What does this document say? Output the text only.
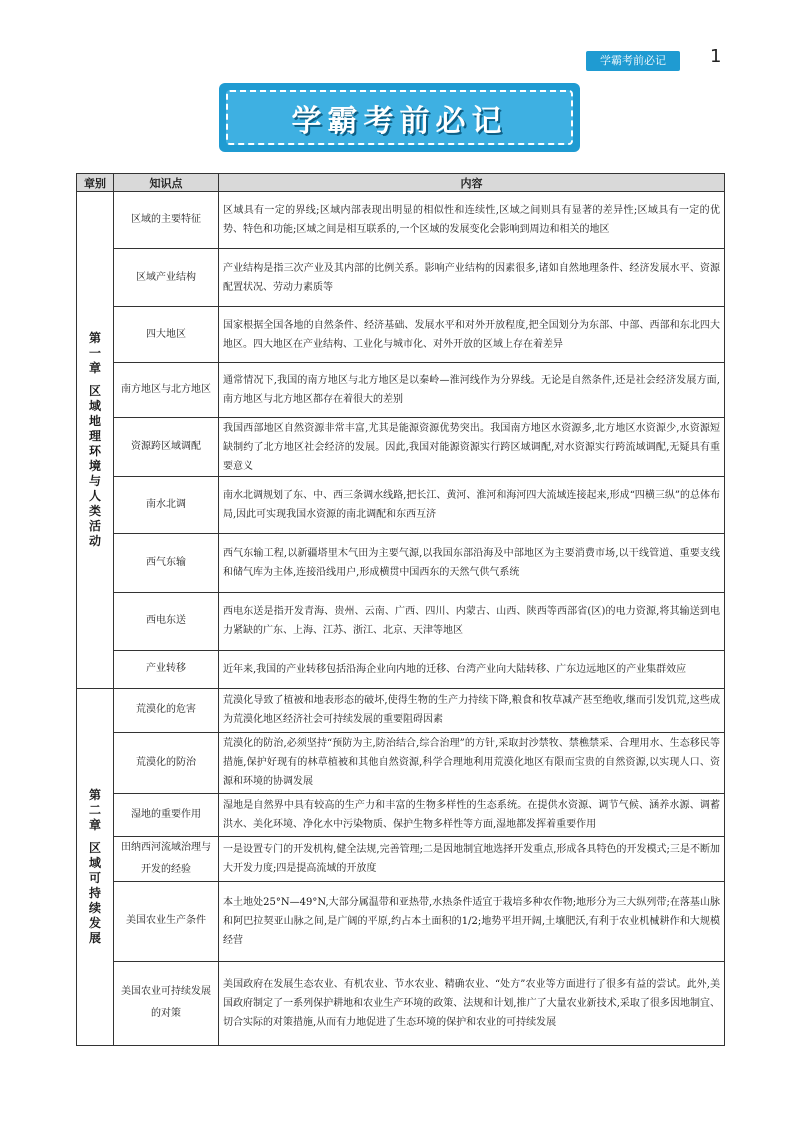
学霸考前必记	1
学霸考前必记
章别	知识点	内容
第一章
区域地理环境与人类活动	区域的主要特征	区域具有一定的界线;区域内部表现出明显的相似性和连续性,区域之间则具有显著的差异性;区域具有一定的优势、特色和功能;区域之间是相互联系的,一个区域的发展变化会影响到周边和相关的地区
	区域产业结构	产业结构是指三次产业及其内部的比例关系。影响产业结构的因素很多,诸如自然地理条件、经济发展水平、资源配置状况、劳动力素质等
	四大地区	国家根据全国各地的自然条件、经济基础、发展水平和对外开放程度,把全国划分为东部、中部、西部和东北四大地区。四大地区在产业结构、工业化与城市化、对外开放的区域上存在着差异
	南方地区与北方地区	通常情况下,我国的南方地区与北方地区是以秦岭—淮河线作为分界线。无论是自然条件,还是社会经济发展方面,南方地区与北方地区都存在着很大的差别
	资源跨区域调配	我国西部地区自然资源非常丰富,尤其是能源资源优势突出。我国南方地区水资源多,北方地区水资源少,水资源短缺制约了北方地区社会经济的发展。因此,我国对能源资源实行跨区域调配,对水资源实行跨流域调配,无疑具有重要意义
	南水北调	南水北调规划了东、中、西三条调水线路,把长江、黄河、淮河和海河四大流域连接起来,形成“四横三纵”的总体布局,因此可实现我国水资源的南北调配和东西互济
	西气东输	西气东输工程,以新疆塔里木气田为主要气源,以我国东部沿海及中部地区为主要消费市场,以干线管道、重要支线和储气库为主体,连接沿线用户,形成横贯中国西东的天然气供气系统
	西电东送	西电东送是指开发青海、贵州、云南、广西、四川、内蒙古、山西、陕西等西部省(区)的电力资源,将其输送到电力紧缺的广东、上海、江苏、浙江、北京、天津等地区
	产业转移	近年来,我国的产业转移包括沿海企业向内地的迁移、台湾产业向大陆转移、广东边远地区的产业集群效应
第二章
区域可持续发展	荒漠化的危害	荒漠化导致了植被和地表形态的破坏,使得生物的生产力持续下降,粮食和牧草减产甚至绝收,继而引发饥荒,这些成为荒漠化地区经济社会可持续发展的重要阻碍因素
	荒漠化的防治	荒漠化的防治,必须坚持“预防为主,防治结合,综合治理”的方针,采取封沙禁牧、禁樵禁采、合理用水、生态移民等措施,保护好现有的林草植被和其他自然资源,科学合理地利用荒漠化地区有限而宝贵的自然资源,以实现人口、资源和环境的协调发展
	湿地的重要作用	湿地是自然界中具有较高的生产力和丰富的生物多样性的生态系统。在提供水资源、调节气候、涵养水源、调蓄洪水、美化环境、净化水中污染物质、保护生物多样性等方面,湿地都发挥着重要作用
	田纳西河流域治理与开发的经验	一是设置专门的开发机构,健全法规,完善管理;二是因地制宜地选择开发重点,形成各具特色的开发模式;三是不断加大开发力度;四是提高流域的开放度
	美国农业生产条件	本土地处25°N—49°N,大部分属温带和亚热带,水热条件适宜于栽培多种农作物;地形分为三大纵列带;在落基山脉和阿巴拉契亚山脉之间,是广阔的平原,约占本土面积的1/2;地势平坦开阔,土壤肥沃,有利于农业机械耕作和大规模经营
	美国农业可持续发展的对策	美国政府在发展生态农业、有机农业、节水农业、精确农业、“处方”农业等方面进行了很多有益的尝试。此外,美国政府制定了一系列保护耕地和农业生产环境的政策、法规和计划,推广了大量农业新技术,采取了很多因地制宜、切合实际的对策措施,从而有力地促进了生态环境的保护和农业的可持续发展
